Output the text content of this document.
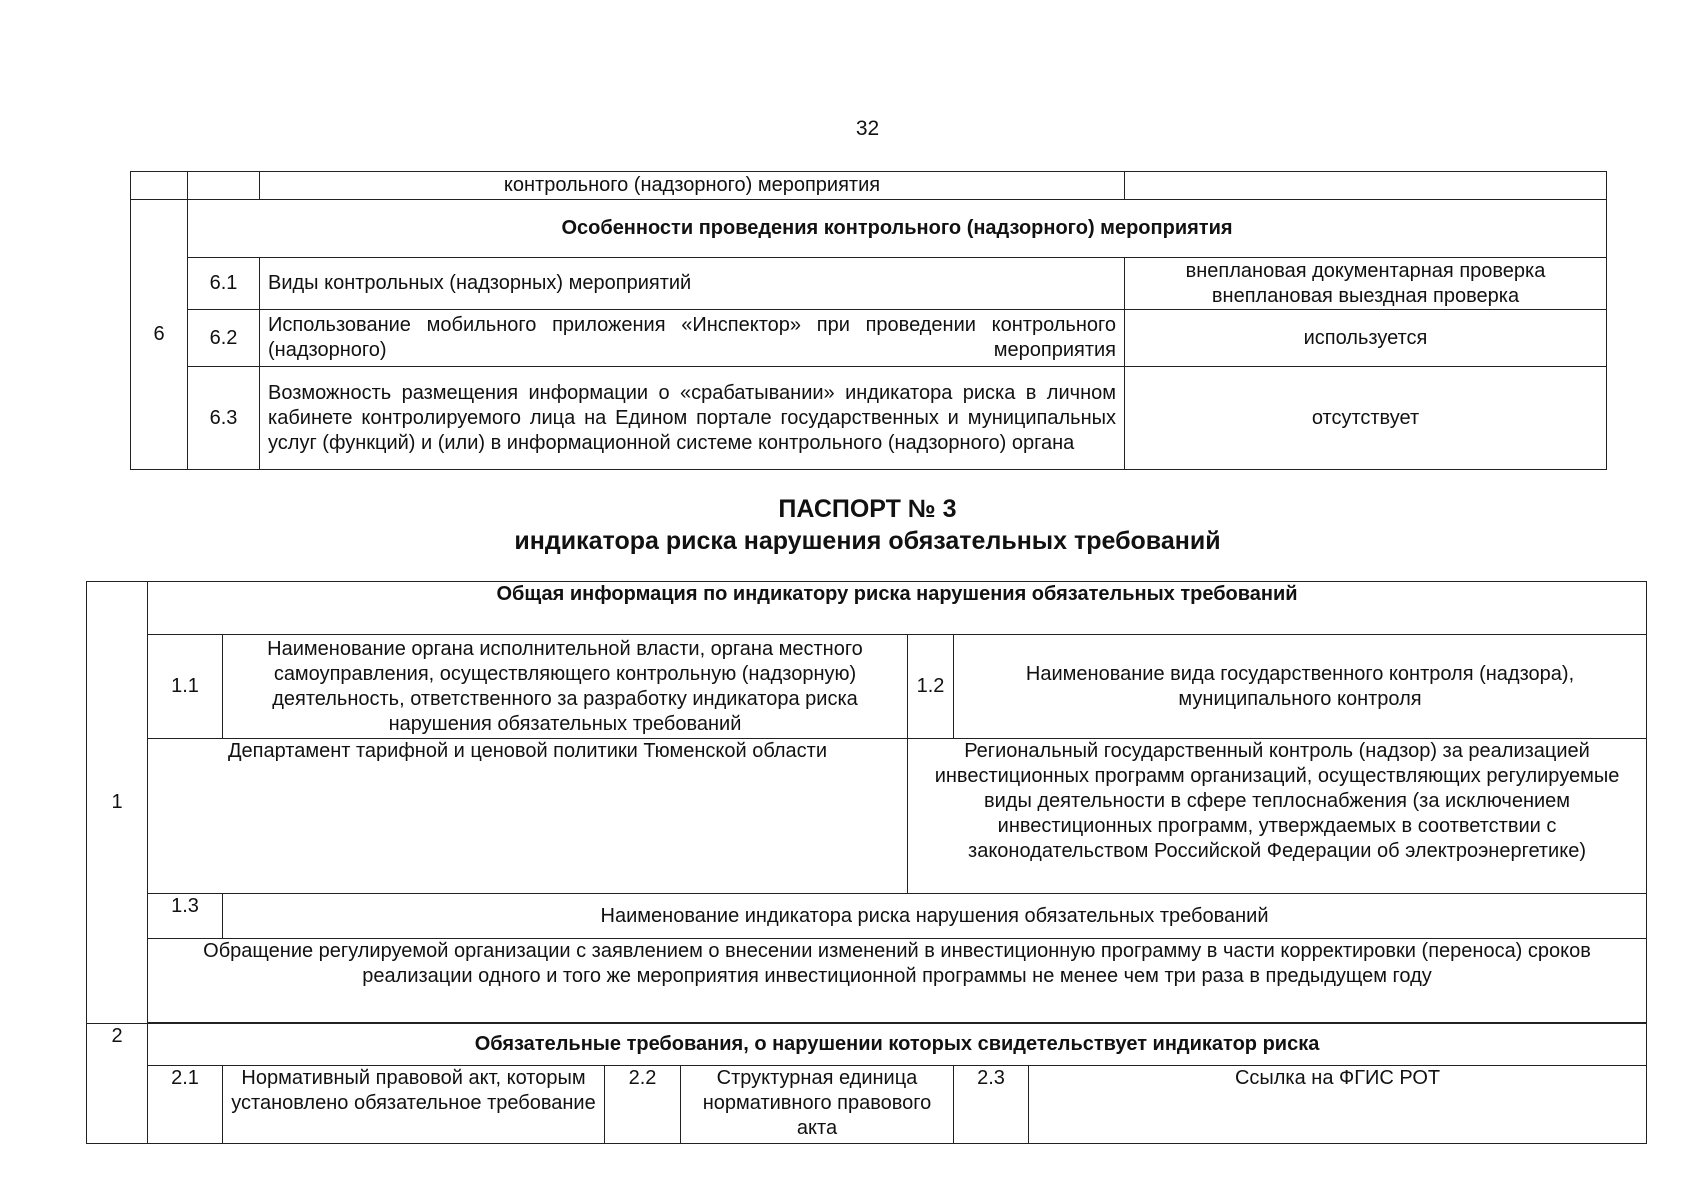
32
		контрольного (надзорного) мероприятия	
6	Особенности проведения контрольного (надзорного) мероприятия		
	6.1	Виды контрольных (надзорных) мероприятий	внеплановая документарная проверка
внеплановая выездная проверка

	6.2	Использование мобильного приложения «Инспектор» при проведении контрольного (надзорного) мероприятия	используется
	6.3	Возможность размещения информации о «срабатывании» индикатора риска в личном кабинете контролируемого лица на Едином портале государственных и муниципальных услуг (функций) и (или) в информационной системе контрольного (надзорного) органа	отсутствует
ПАСПОРТ № 3
индикатора риска нарушения обязательных требований
1	Общая информация по индикатору риска нарушения обязательных требований						
	1.1	Наименование органа исполнительной власти, органа местного самоуправления, осуществляющего контрольную (надзорную) деятельность, ответственного за разработку индикатора риска нарушения обязательных требований			1.2	Наименование вида государственного контроля (надзора), муниципального контроля	
	Департамент тарифной и ценовой политики Тюменской области				Региональный государственный контроль (надзор) за реализацией инвестиционных программ организаций, осуществляющих регулируемые виды деятельности в сфере теплоснабжения (за исключением инвестиционных программ, утверждаемых в соответствии с законодательством Российской Федерации об электроэнергетике)		
	1.3	Наименование индикатора риска нарушения обязательных требований					
	Обращение регулируемой организации с заявлением о внесении изменений в инвестиционную программу в части корректировки (переноса) сроков реализации одного и того же мероприятия инвестиционной программы не менее чем три раза в предыдущем году						

2	Обязательные требования, о нарушении которых свидетельствует индикатор риска						
	2.1	Нормативный правовой акт, которым установлено обязательное требование	2.2	Структурная единица нормативного правового акта		2.3	Ссылка на ФГИС РОТ
